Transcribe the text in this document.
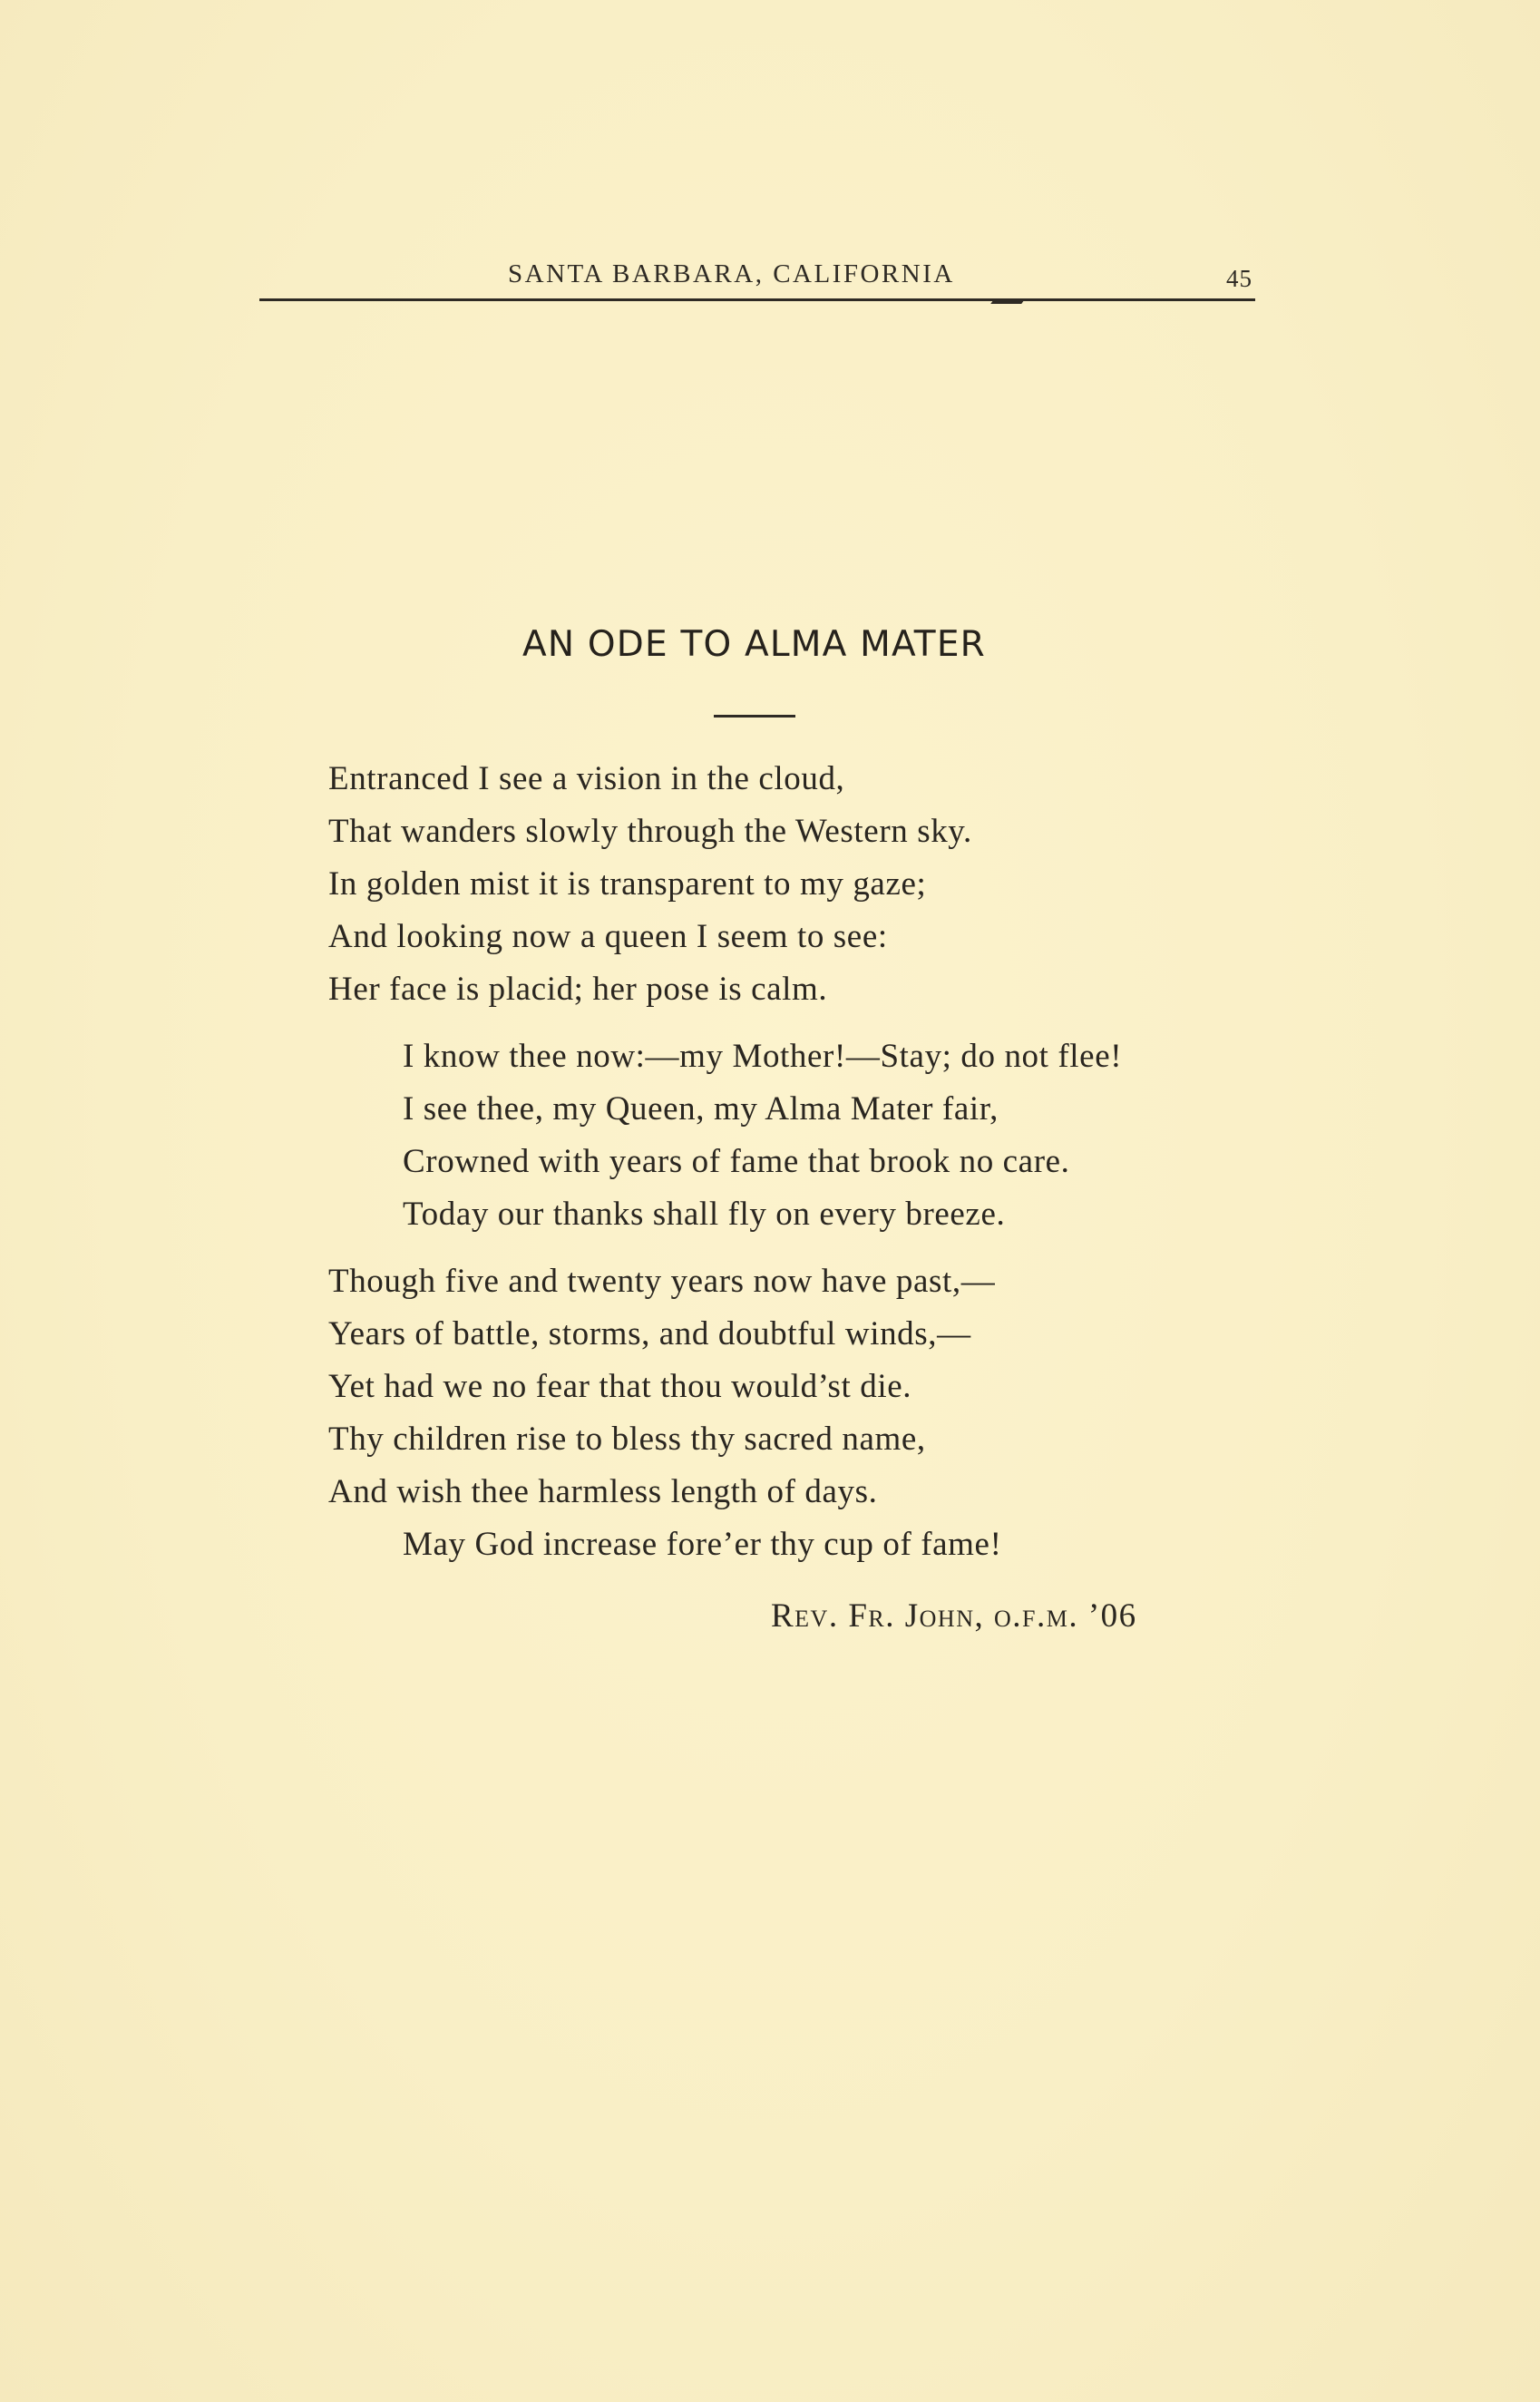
SANTA BARBARA, CALIFORNIA	45
AN ODE TO ALMA MATER
Entranced I see a vision in the cloud,
That wanders slowly through the Western sky.
In golden mist it is transparent to my gaze;
And looking now a queen I seem to see:
Her face is placid; her pose is calm.
I know thee now:—my Mother!—Stay; do not flee!
I see thee, my Queen, my Alma Mater fair,
Crowned with years of fame that brook no care.
Today our thanks shall fly on every breeze.
Though five and twenty years now have past,—
Years of battle, storms, and doubtful winds,—
Yet had we no fear that thou would’st die.
Thy children rise to bless thy sacred name,
And wish thee harmless length of days.
May God increase fore’er thy cup of fame!
Rev. Fr. John, o.f.m. ’06
